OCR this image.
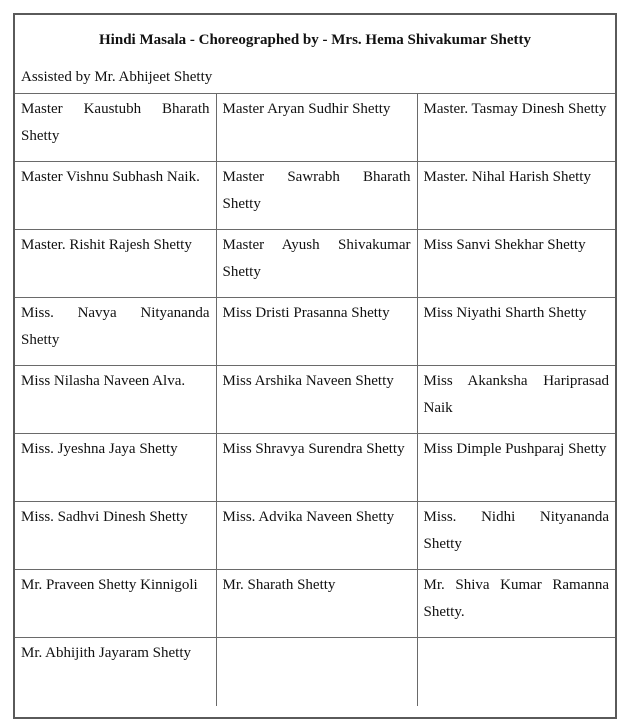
Hindi Masala - Choreographed by - Mrs. Hema Shivakumar Shetty		
Assisted by Mr. Abhijeet Shetty		
Master Kaustubh Bharath Shetty	Master Aryan Sudhir Shetty	Master. Tasmay Dinesh Shetty
Master Vishnu Subhash Naik.	Master Sawrabh Bharath Shetty	Master. Nihal Harish Shetty
Master. Rishit Rajesh Shetty	Master Ayush Shivakumar Shetty	Miss Sanvi Shekhar Shetty
Miss. Navya Nityananda Shetty	Miss Dristi Prasanna Shetty	Miss Niyathi Sharth Shetty
Miss Nilasha Naveen Alva.	Miss Arshika Naveen Shetty	Miss Akanksha Hariprasad Naik
Miss. Jyeshna Jaya Shetty	Miss Shravya Surendra Shetty	Miss Dimple Pushparaj Shetty
Miss. Sadhvi Dinesh Shetty	Miss. Advika Naveen Shetty	Miss. Nidhi Nityananda Shetty
Mr. Praveen Shetty Kinnigoli	Mr. Sharath Shetty	Mr. Shiva Kumar Ramanna Shetty.
Mr. Abhijith Jayaram Shetty		
